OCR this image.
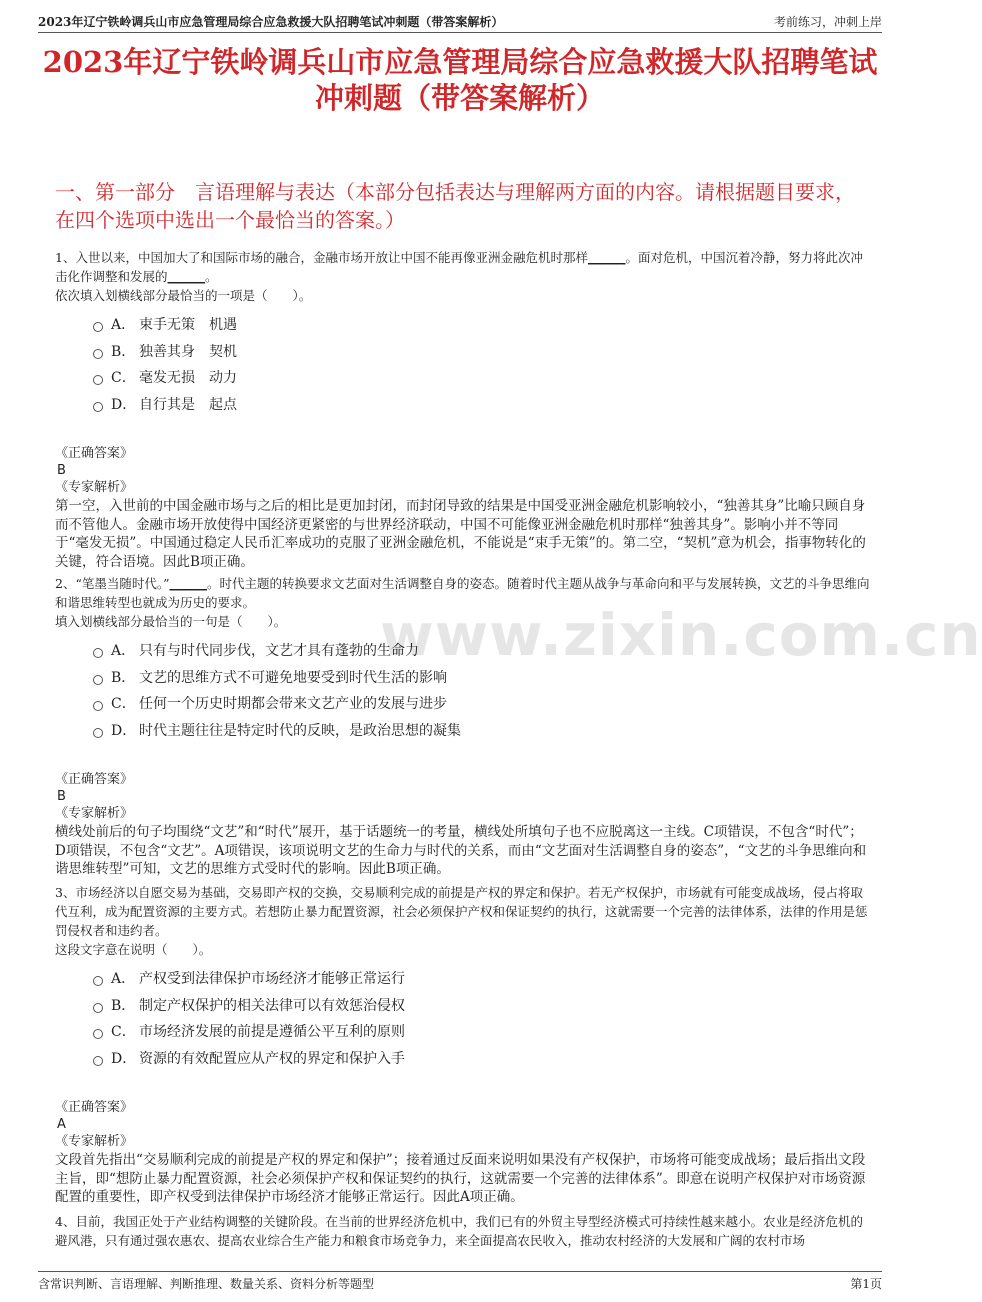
2023年辽宁铁岭调兵山市应急管理局综合应急救援大队招聘笔试冲刺题（带答案解析）	考前练习，冲刺上岸
2023年辽宁铁岭调兵山市应急管理局综合应急救援大队招聘笔试冲刺题（带答案解析）
一、第一部分　言语理解与表达（本部分包括表达与理解两方面的内容。请根据题目要求，在四个选项中选出一个最恰当的答案。）
www.zixin.com.cn

1、入世以来，中国加大了和国际市场的融合，金融市场开放让中国不能再像亚洲金融危机时那样______。面对危机，中国沉着冷静，努力将此次冲击化作调整和发展的______。

依次填入划横线部分最恰当的一项是（　　）。

A． 束手无策　机遇
B． 独善其身　契机
C． 毫发无损　动力
D． 自行其是　起点
《正确答案》
B
《专家解析》

第一空，入世前的中国金融市场与之后的相比是更加封闭，而封闭导致的结果是中国受亚洲金融危机影响较小，“独善其身”比喻只顾自身而不管他人。金融市场开放使得中国经济更紧密的与世界经济联动，中国不可能像亚洲金融危机时那样“独善其身”。影响小并不等同于“毫发无损”。中国通过稳定人民币汇率成功的克服了亚洲金融危机，不能说是“束手无策”的。第二空，“契机”意为机会，指事物转化的关键，符合语境。因此B项正确。

2、“笔墨当随时代。”______。时代主题的转换要求文艺面对生活调整自身的姿态。随着时代主题从战争与革命向和平与发展转换，文艺的斗争思维向和谐思维转型也就成为历史的要求。

填入划横线部分最恰当的一句是（　　）。

A． 只有与时代同步伐，文艺才具有蓬勃的生命力
B． 文艺的思维方式不可避免地要受到时代生活的影响
C． 任何一个历史时期都会带来文艺产业的发展与进步
D． 时代主题往往是特定时代的反映，是政治思想的凝集
《正确答案》
B
《专家解析》

横线处前后的句子均围绕“文艺”和“时代”展开，基于话题统一的考量，横线处所填句子也不应脱离这一主线。C项错误，不包含“时代”；D项错误，不包含“文艺”。A项错误，该项说明文艺的生命力与时代的关系，而由“文艺面对生活调整自身的姿态”，“文艺的斗争思维向和谐思维转型”可知，文艺的思维方式受时代的影响。因此B项正确。

3、市场经济以自愿交易为基础，交易即产权的交换，交易顺利完成的前提是产权的界定和保护。若无产权保护，市场就有可能变成战场，侵占将取代互利，成为配置资源的主要方式。若想防止暴力配置资源，社会必须保护产权和保证契约的执行，这就需要一个完善的法律体系，法律的作用是惩罚侵权者和违约者。

这段文字意在说明（　　）。

A． 产权受到法律保护市场经济才能够正常运行
B． 制定产权保护的相关法律可以有效惩治侵权
C． 市场经济发展的前提是遵循公平互利的原则
D． 资源的有效配置应从产权的界定和保护入手
《正确答案》
A
《专家解析》

文段首先指出“交易顺利完成的前提是产权的界定和保护”；接着通过反面来说明如果没有产权保护，市场将可能变成战场；最后指出文段主旨，即“想防止暴力配置资源，社会必须保护产权和保证契约的执行，这就需要一个完善的法律体系”。即意在说明产权保护对市场资源配置的重要性，即产权受到法律保护市场经济才能够正常运行。因此A项正确。

4、目前，我国正处于产业结构调整的关键阶段。在当前的世界经济危机中，我们已有的外贸主导型经济模式可持续性越来越小。农业是经济危机的避风港，只有通过强农惠农、提高农业综合生产能力和粮食市场竞争力，来全面提高农民收入，推动农村经济的大发展和广阔的农村市场

含常识判断、言语理解、判断推理、数量关系、资料分析等题型	第1页
